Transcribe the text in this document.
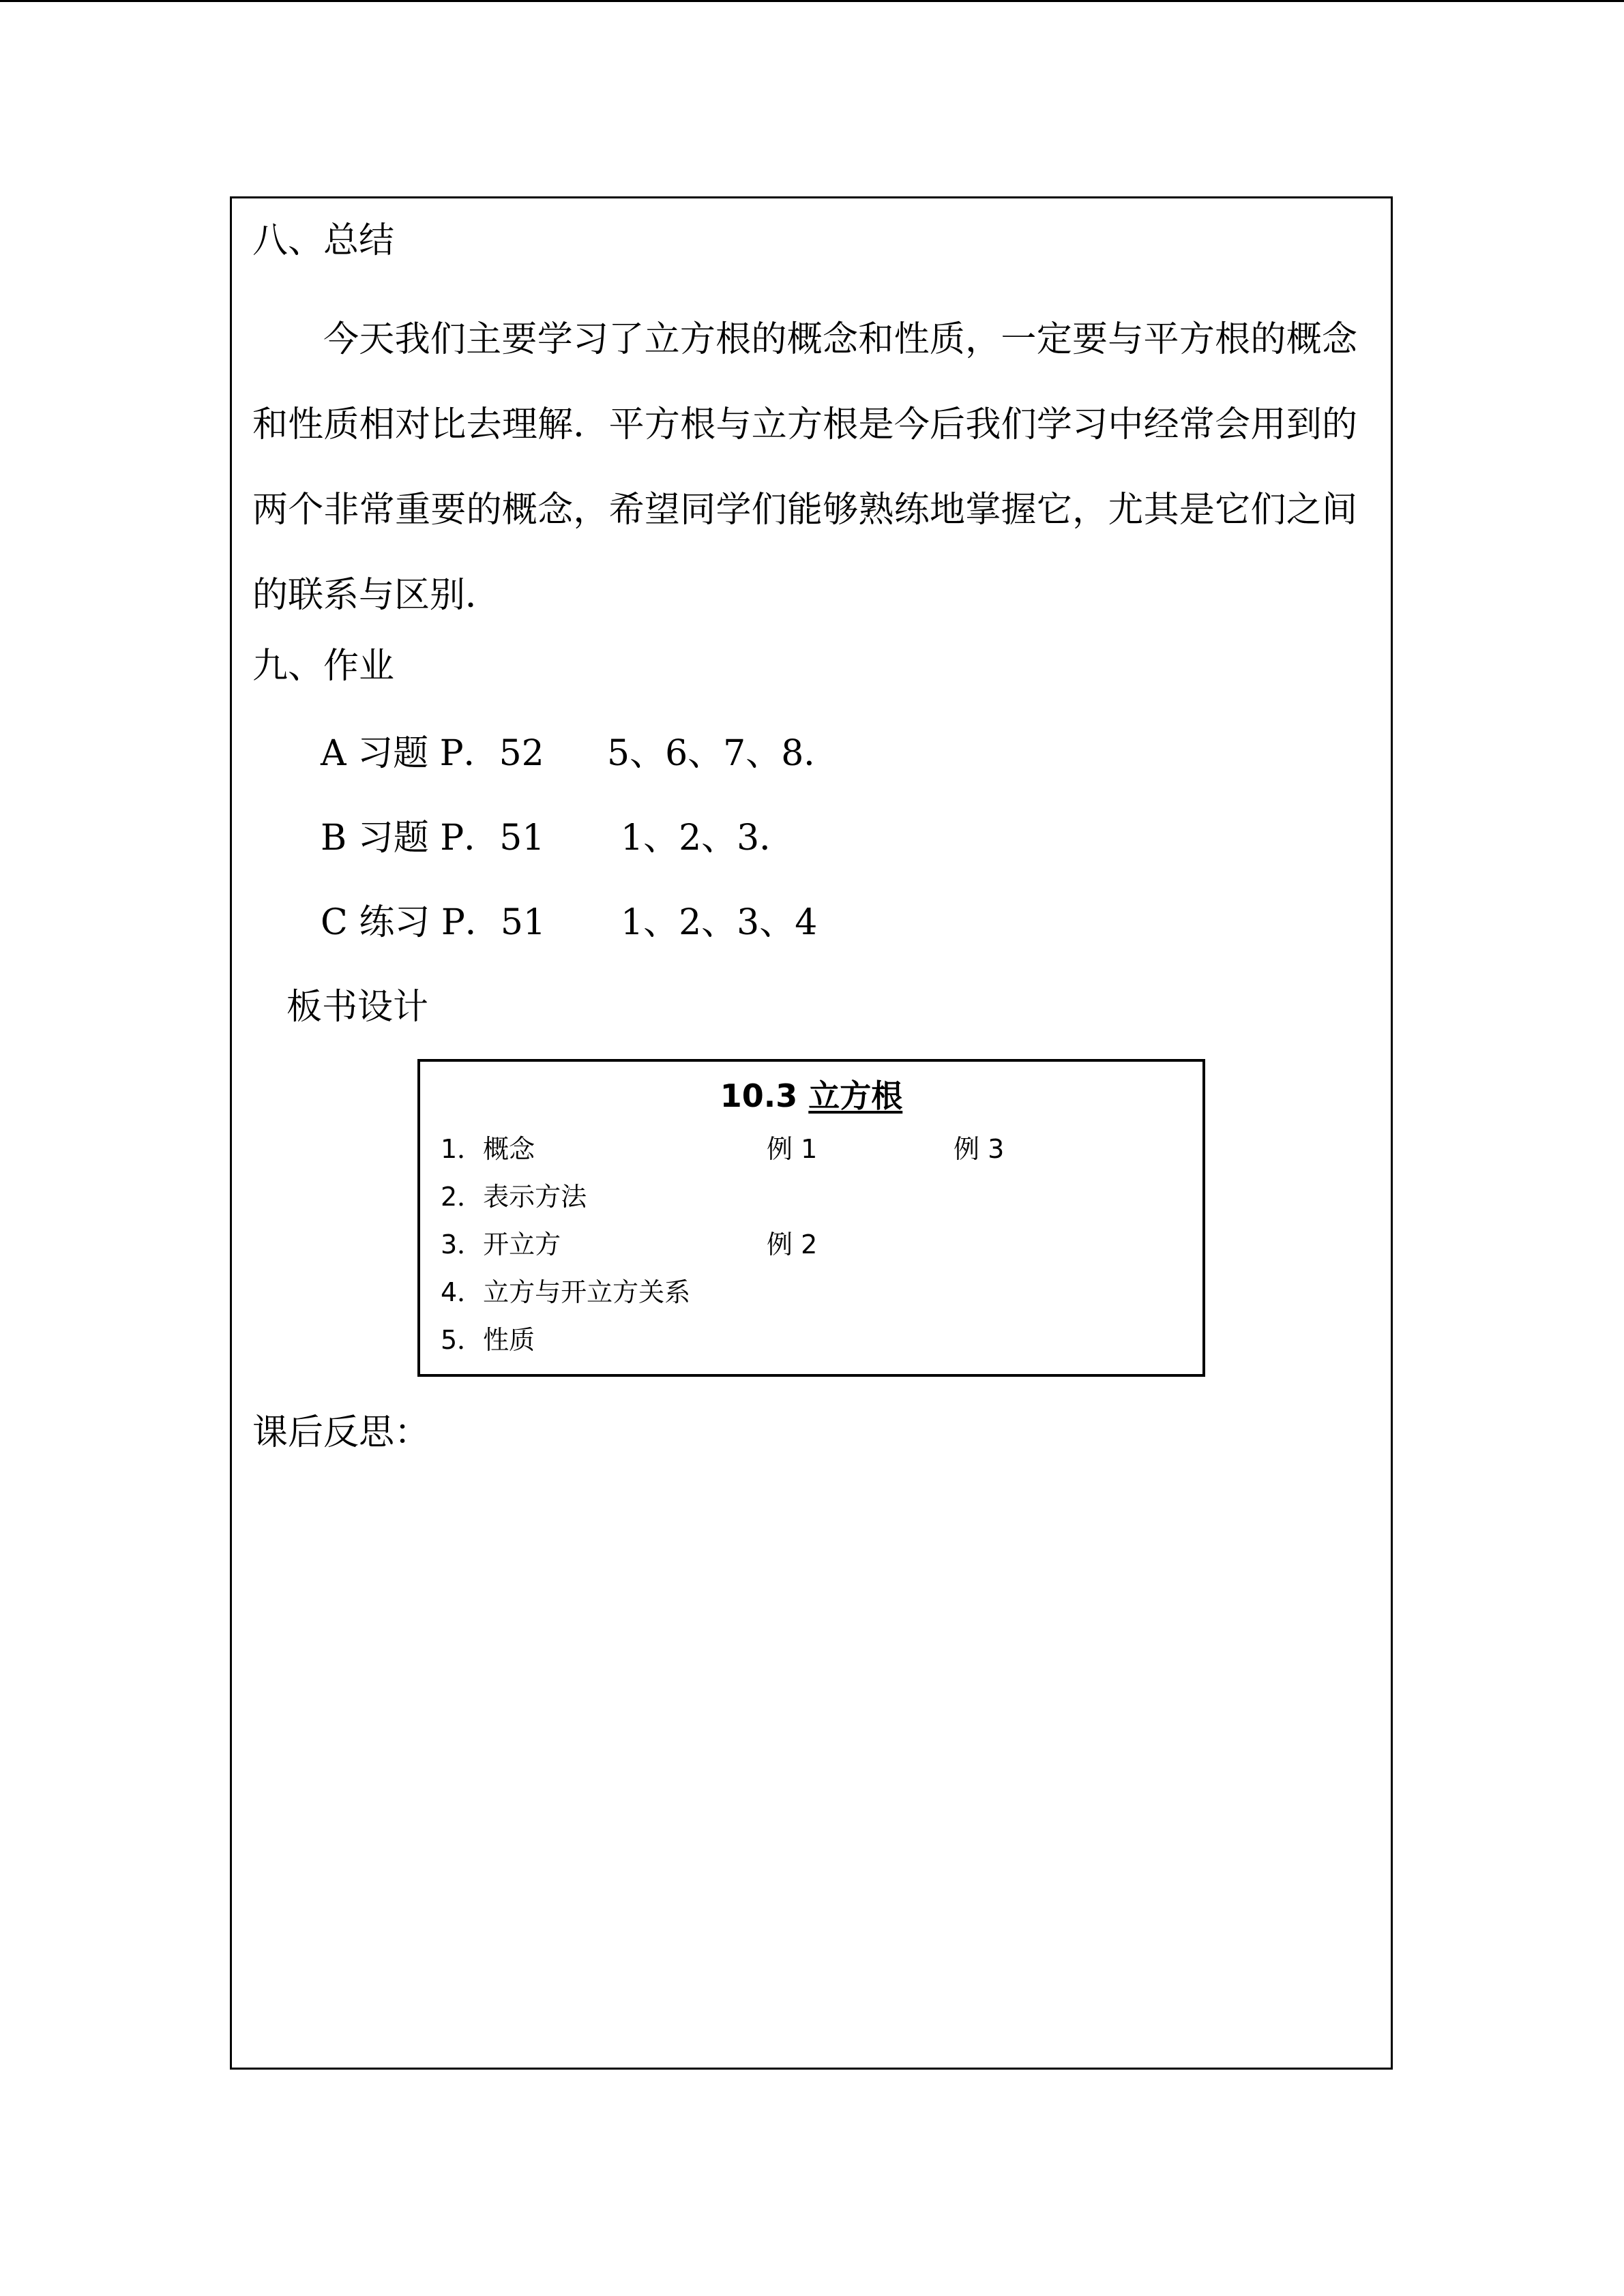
八、总结

今天我们主要学习了立方根的概念和性质，一定要与平方根的概念和性质相对比去理解．平方根与立方根是今后我们学习中经常会用到的两个非常重要的概念，希望同学们能够熟练地掌握它，尤其是它们之间的联系与区别．

九、作业

A 习题 P．52 5、6、7、8．
B 习题 P．51 1、2、3．
C 练习 P．51 1、2、3、4

板书设计

10.3 立方根
1．概念
2．表示方法
3．开立方
4．立方与开立方关系
5．性质
例 1	例 3
例 2

课后反思：
